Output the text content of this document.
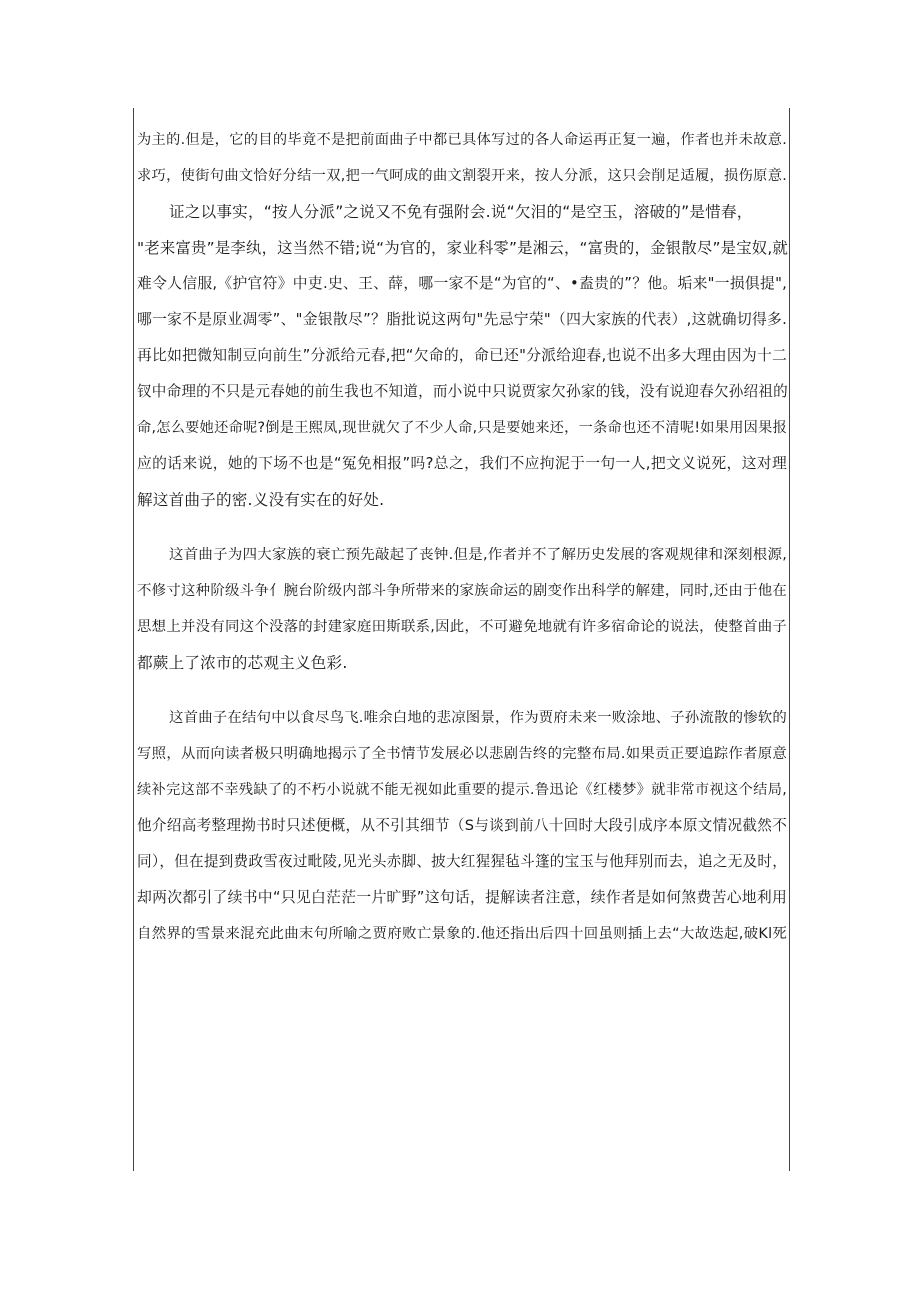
为主的.但是，它的目的毕竟不是把前面曲子中都已具体写过的各人命运再正复一遍，作者也并未故意.
求巧，使街句曲文恰好分结一双,把一气呵成的曲文割裂开来，按人分派，这只会削足适履，损伤原意.
证之以事实，“按人分派”之说又不免有强附会.说“欠泪的“是空玉，溶破的”是惜春，
"老来富贵”是李纨，这当然不错;说“为官的，家业科零”是湘云，“富贵的，金银散尽”是宝奴,就
难令人信服,《护官符》中吏.史、王、薛，哪一家不是“为官的“、•盍贵的”？他。垢来"一损俱提",
哪一家不是原业凋零”、"金银散尽”？脂批说这两句"先忌宁荣"（四大家族的代表）,这就确切得多.
再比如把微知制豆向前生”分派给元春,把“欠命的，命已还"分派给迎春,也说不出多大理由因为十二
钗中命理的不只是元春她的前生我也不知道，而小说中只说贾家欠孙家的钱，没有说迎春欠孙绍祖的
命,怎么要她还命呢?倒是王熙凤,现世就欠了不少人命,只是要她来还，一条命也还不清呢!如果用因果报
应的话来说，她的下场不也是“冤免相报”吗?总之，我们不应拘泥于一句一人,把文义说死，这对理
解这首曲子的密.义没有实在的好处.
这首曲子为四大家族的衰亡预先敲起了丧钟.但是,作者并不了解历史发展的客观规律和深刻根源,
不修寸这种阶级斗争亻腕台阶级内部斗争所带来的家族命运的剧变作出科学的解建，同时,还由于他在
思想上并没有同这个没落的封建家庭田斯联系,因此，不可避免地就有许多宿命论的说法，使整首曲子
都蕨上了浓市的芯观主义色彩.
这首曲子在结句中以食尽鸟飞.唯余白地的悲凉图景，作为贾府未来一败涂地、子孙流散的惨软的
写照，从而向读者极只明确地揭示了全书情节发展必以悲剧告终的完整布局.如果贡正要追踪作者原意
续补完这部不幸残缺了的不朽小说就不能无视如此重要的提示.鲁迅论《红楼梦》就非常市视这个结局,
他介绍高考整理拗书时只述便概，从不引其细节（S与谈到前八十回时大段引成序本原文情况截然不
同），但在提到费政雪夜过毗陵,见光头赤脚、披大红猩猩毡斗篷的宝玉与他拜别而去，追之无及时，
却两次都引了续书中“只见白茫茫一片旷野”这句话，提解读者注意，续作者是如何煞费苦心地利用
自然界的雪景来混充此曲末句所喻之贾府败亡景象的.他还指出后四十回虽则插上去“大故迭起,破Kl死
